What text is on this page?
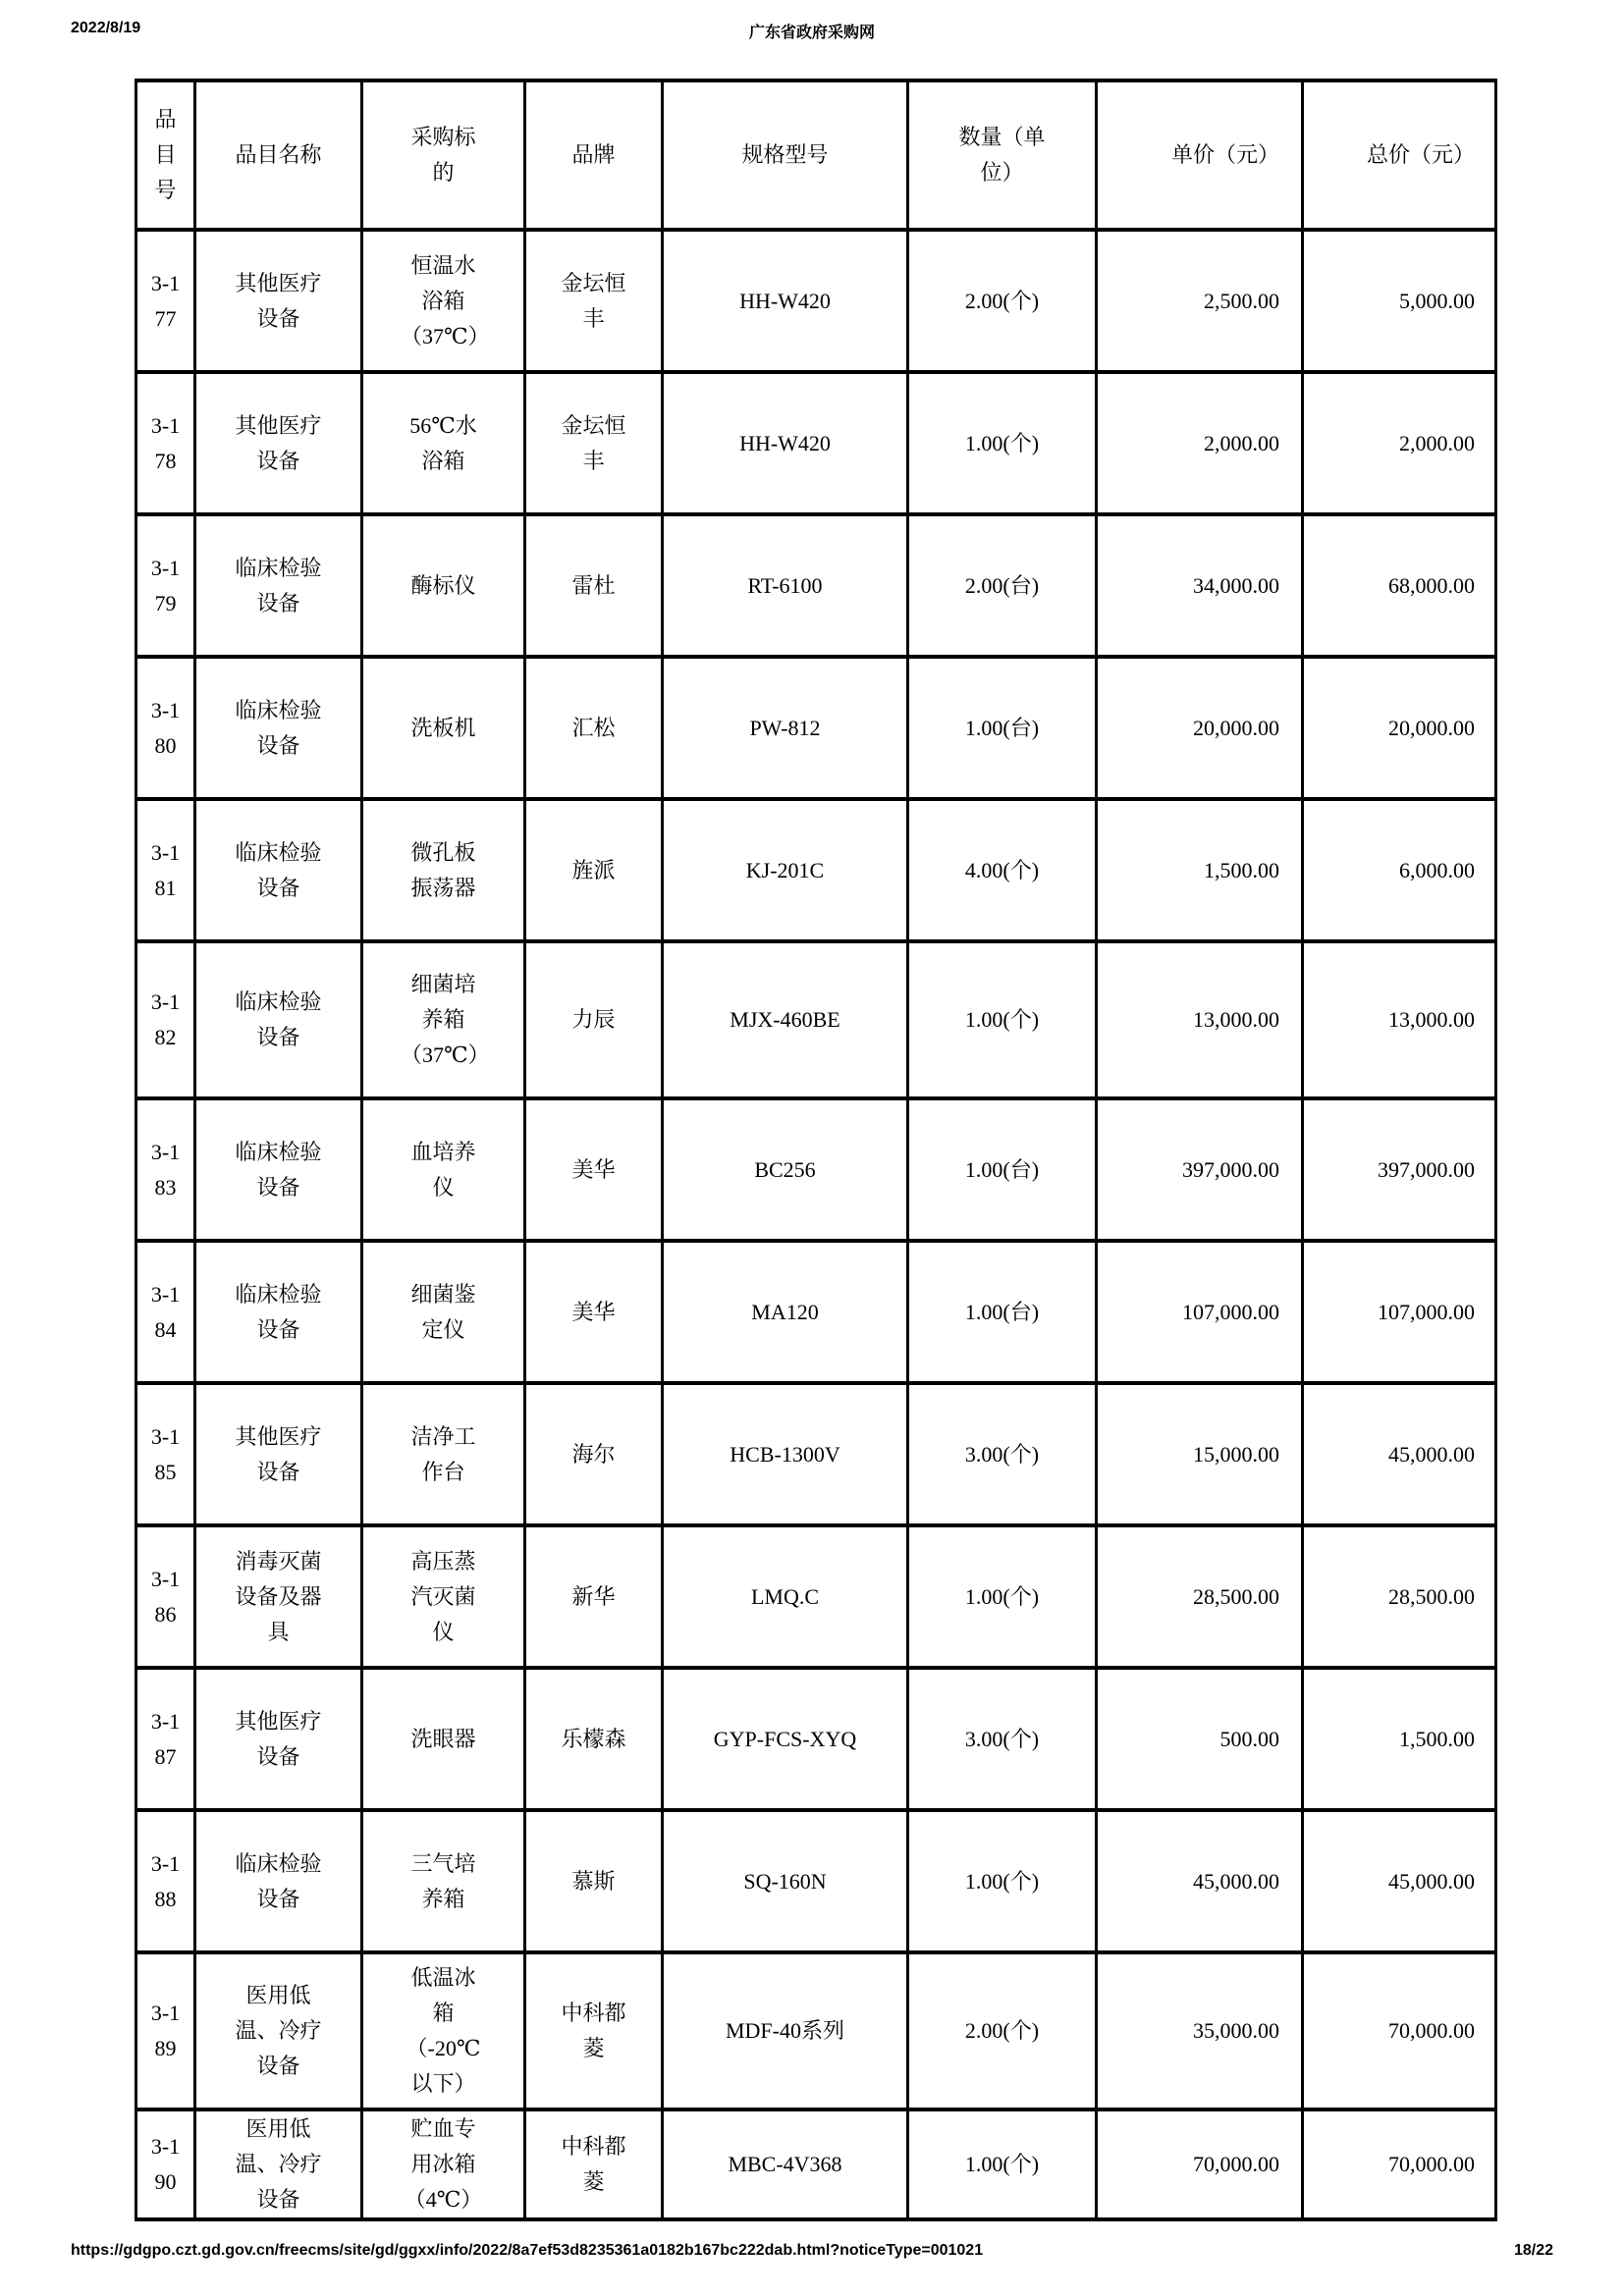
2022/8/19	广东省政府采购网
品目号	品目名称	采购标的	品牌	规格型号	数量（单位）	单价（元）	总价（元）
3-177	其他医疗设备	恒温水浴箱（37℃）	金坛恒丰	HH-W420	2.00(个)	2,500.00	5,000.00
3-178	其他医疗设备	56℃水浴箱	金坛恒丰	HH-W420	1.00(个)	2,000.00	2,000.00
3-179	临床检验设备	酶标仪	雷杜	RT-6100	2.00(台)	34,000.00	68,000.00
3-180	临床检验设备	洗板机	汇松	PW-812	1.00(台)	20,000.00	20,000.00
3-181	临床检验设备	微孔板振荡器	旌派	KJ-201C	4.00(个)	1,500.00	6,000.00
3-182	临床检验设备	细菌培养箱（37℃）	力辰	MJX-460BE	1.00(个)	13,000.00	13,000.00
3-183	临床检验设备	血培养仪	美华	BC256	1.00(台)	397,000.00	397,000.00
3-184	临床检验设备	细菌鉴定仪	美华	MA120	1.00(台)	107,000.00	107,000.00
3-185	其他医疗设备	洁净工作台	海尔	HCB-1300V	3.00(个)	15,000.00	45,000.00
3-186	消毒灭菌设备及器具	高压蒸汽灭菌仪	新华	LMQ.C	1.00(个)	28,500.00	28,500.00
3-187	其他医疗设备	洗眼器	乐檬森	GYP-FCS-XYQ	3.00(个)	500.00	1,500.00
3-188	临床检验设备	三气培养箱	慕斯	SQ-160N	1.00(个)	45,000.00	45,000.00
3-189	医用低温、冷疗设备	低温冰箱（-20℃以下）	中科都菱	MDF-40系列	2.00(个)	35,000.00	70,000.00
3-190	医用低温、冷疗设备	贮血专用冰箱（4℃）	中科都菱	MBC-4V368	1.00(个)	70,000.00	70,000.00
https://gdgpo.czt.gd.gov.cn/freecms/site/gd/ggxx/info/2022/8a7ef53d8235361a0182b167bc222dab.html?noticeType=001021	18/22
